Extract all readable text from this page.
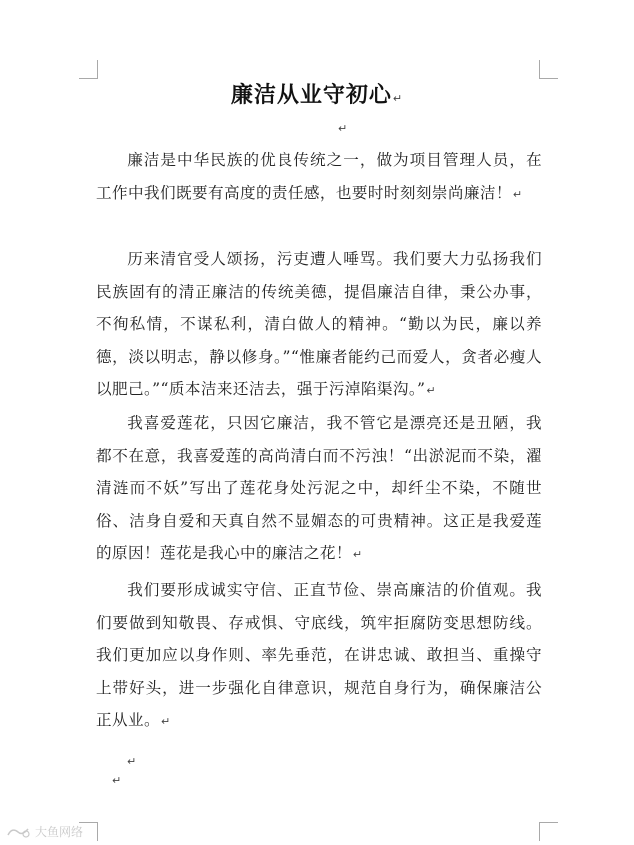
廉洁从业守初心↵
↵

廉洁是中华民族的优良传统之一，做为项目管理人员，在工作中我们既要有高度的责任感，也要时时刻刻崇尚廉洁！↵

历来清官受人颂扬，污吏遭人唾骂。我们要大力弘扬我们民族固有的清正廉洁的传统美德，提倡廉洁自律，秉公办事，不徇私情，不谋私利，清白做人的精神。“勤以为民，廉以养德，淡以明志，静以修身。”“惟廉者能约己而爱人，贪者必瘦人以肥己。”“质本洁来还洁去，强于污淖陷渠沟。”↵

我喜爱莲花，只因它廉洁，我不管它是漂亮还是丑陋，我都不在意，我喜爱莲的高尚清白而不污浊！“出淤泥而不染，濯清涟而不妖”写出了莲花身处污泥之中，却纤尘不染，不随世俗、洁身自爱和天真自然不显媚态的可贵精神。这正是我爱莲的原因！莲花是我心中的廉洁之花！↵

我们要形成诚实守信、正直节俭、崇高廉洁的价值观。我们要做到知敬畏、存戒惧、守底线，筑牢拒腐防变思想防线。我们更加应以身作则、率先垂范，在讲忠诚、敢担当、重操守上带好头，进一步强化自律意识，规范自身行为，确保廉洁公正从业。↵

↵
↵
大鱼网络
